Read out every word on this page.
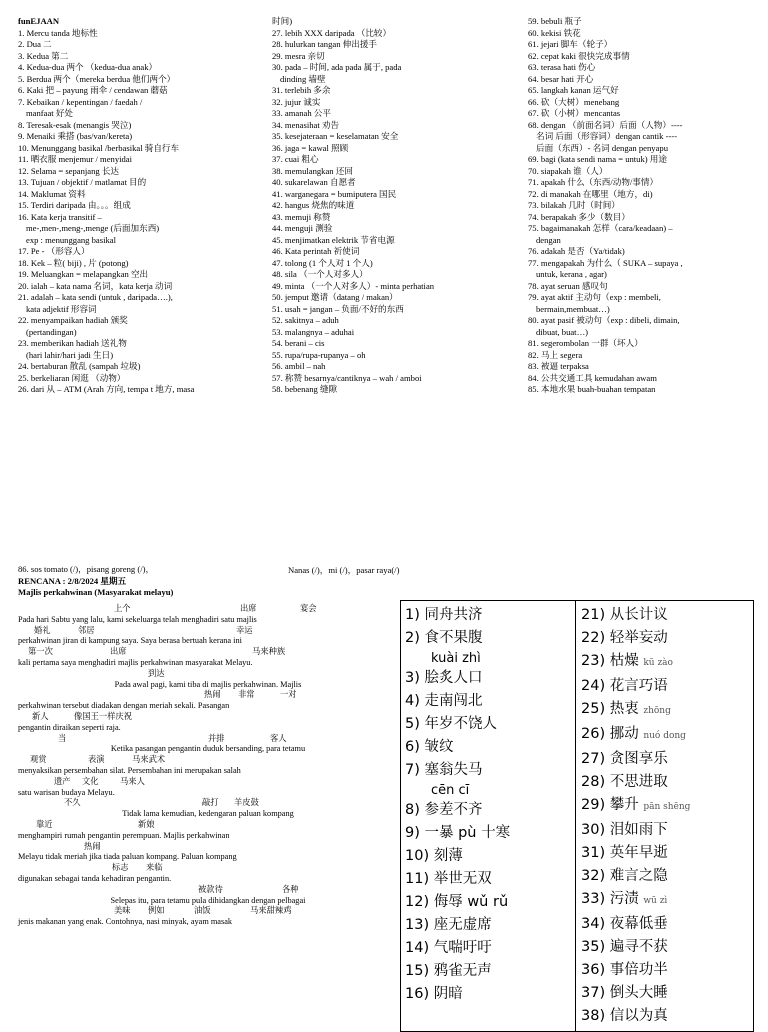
funEJAAN
1. Mercu tanda 地标性
2. Dua 二
3. Kedua 第二
4. Kedua-dua 两个 （kedua-dua anak）
5. Berdua 两个（mereka berdua 他们两个）
6. Kaki 把 – payung 雨伞 / cendawan 蘑菇
7. Kebaikan / kepentingan / faedah /
manfaat 好处
8. Teresak-esak (menangis 哭泣)
9. Menaiki 乘搭 (bas/van/kereta)
10. Menunggang basikal /berbasikal 骑自行车
11. 晒衣服 menjemur / menyidai
12. Selama = sepanjang 长达
13. Tujuan / objektif / matlamat 目的
14. Maklumat 资料
15. Terdiri daripada 由。。。组成
16. Kata kerja transitif –
me-,men-,meng-,menge (后面加东西)
exp : menunggang basikal
17. Pe - （形容人）
18. Kek – 粒( biji) , 片 (potong)
19. Meluangkan = melapangkan 空出
20. ialah – kata nama 名词，kata kerja 动词
21. adalah – kata sendi (untuk , daripada….),
kata adjektif 形容词
22. menyampaikan hadiah 颁奖
(pertandingan)
23. memberikan hadiah 送礼物
(hari lahir/hari jadi 生日)
24. bertaburan 散乱 (sampah 垃圾)
25. berkeliaran 闲逛 （动物）
26. dari 从 – ATM (Arah 方向, tempa t 地方, masa
时间)
27. lebih XXX daripada （比较）
28. hulurkan tangan 伸出援手
29. mesra 亲切
30. pada – 时间, ada pada 属于, pada
dinding 墙壁
31. terlebih 多余
32. jujur 诚实
33. amanah 公平
34. menasihat 劝告
35. kesejateraan = keselamatan 安全
36. jaga = kawal 照顾
37. cuai 粗心
38. memulangkan 还回
40. sukarelawan 自愿者
41. warganegara = bumiputera 国民
42. hangus 烧焦的味道
43. memuji 称赞
44. menguji 测验
45. menjimatkan elektrik 节省电源
46. Kata perintah 祈使词
47. tolong (1 个人对 1 个人)
48. sila （一个人对多人）
49. minta （一个人对多人）- minta perhatian
50. jemput 邀请（datang / makan）
51. usah = jangan – 负面/不好的东西
52. sakitnya – aduh
53. malangnya – aduhai
54. berani – cis
55. rupa/rupa-rupanya – oh
56. ambil – nah
57. 称赞 besarnya/cantiknya – wah / amboi
58. bebenang 缝隙
59. bebuli 瓶子
60. kekisi 铁花
61. jejari 脚车（轮子）
62. cepat kaki 很快完成事情
63. terasa hati 伤心
64. besar hati 开心
65. langkah kanan 运气好
66. 砍（大树）menebang
67. 砍（小树）mencantas
68. dengan （前面名词）后面（人物）----
名词 后面（形容词）dengan cantik ----
后面（东西）- 名词 dengan penyapu
69. bagi (kata sendi nama = untuk) 用途
70. siapakah 谁（人）
71. apakah 什么（东西/动物/事情）
72. di manakah 在哪里（地方，di)
73. bilakah 几时（时间）
74. berapakah 多少（数目）
75. bagaimanakah 怎样（cara/keadaan) –
dengan
76. adakah 是否（Ya/tidak)
77. mengapakah 为什么（ SUKA – supaya ,
untuk, kerana , agar)
78. ayat seruan 感叹句
79. ayat aktif 主动句（exp : membeli,
bermain,membuat…)
80. ayat pasif 被动句（exp : dibeli, dimain,
dibuat, buat…)
81. segerombolan 一群（坏人）
82. 马上 segera
83. 被逼 terpaksa
84. 公共交通工具 kemudahan awam
85. 本地水果 buah-buahan tempatan
86. sos tomato (/)，pisang goreng (/)，
RENCANA : 2/8/2024 星期五
Majlis perkahwinan (Masyarakat melayu)
Nanas (/)，mi (/)，pasar raya(/)
上个	出席	宴会
Pada hari Sabtu yang lalu, kami sekeluarga telah menghadiri satu majlis
婚礼	邻居	幸运
perkahwinan jiran di kampung saya. Saya berasa bertuah kerana ini
第一次	出席	马来种族
kali pertama saya menghadiri majlis perkahwinan masyarakat Melayu.
到达
Pada awal pagi, kami tiba di majlis perkahwinan. Majlis
热闹 非常	一对
perkahwinan tersebut diadakan dengan meriah sekali. Pasangan
新人	像国王一样庆祝
pengantin diraikan seperti raja.
当	并排	客人
Ketika pasangan pengantin duduk bersanding, para tetamu
观赏	表演	马来武术
menyaksikan persembahan silat. Persembahan ini merupakan salah
遗产 文化	马来人
satu warisan budaya Melayu.
不久	敲打 羊皮鼓
Tidak lama kemudian, kedengaran paluan kompang
靠近	新娘
menghampiri rumah pengantin perempuan. Majlis perkahwinan
热闹
Melayu tidak meriah jika tiada paluan kompang. Paluan kompang
标志 来临
digunakan sebagai tanda kehadiran pengantin.
被款待	各种
Selepas itu, para tetamu pula dihidangkan dengan pelbagai
美味 例如	油饭	马来甜辣鸡
jenis makanan yang enak. Contohnya, nasi minyak, ayam masak
1) 同舟共济
2) 食不果腹
kuài zhì
3) 脍炙人口
4) 走南闯北
5) 年岁不饶人
6) 皱纹
7) 塞翁失马
cēn cī
8) 参差不齐
9) 一暴 pù 十寒
10) 刻薄
11) 举世无双
12) 侮辱 wǔ rǔ
13) 座无虚席
14) 气喘吁吁
15) 鸦雀无声
16) 阴暗
21) 从长计议
22) 轻举妄动
23) 枯燥 kū zào
24) 花言巧语
25) 热衷 zhōng
26) 挪动 nuó dong
27) 贪图享乐
28) 不思进取
29) 攀升 pān shēng
30) 泪如雨下
31) 英年早逝
32) 难言之隐
33) 污渍 wū zì
34) 夜幕低垂
35) 遍寻不获
36) 事倍功半
37) 倒头大睡
38) 信以为真
